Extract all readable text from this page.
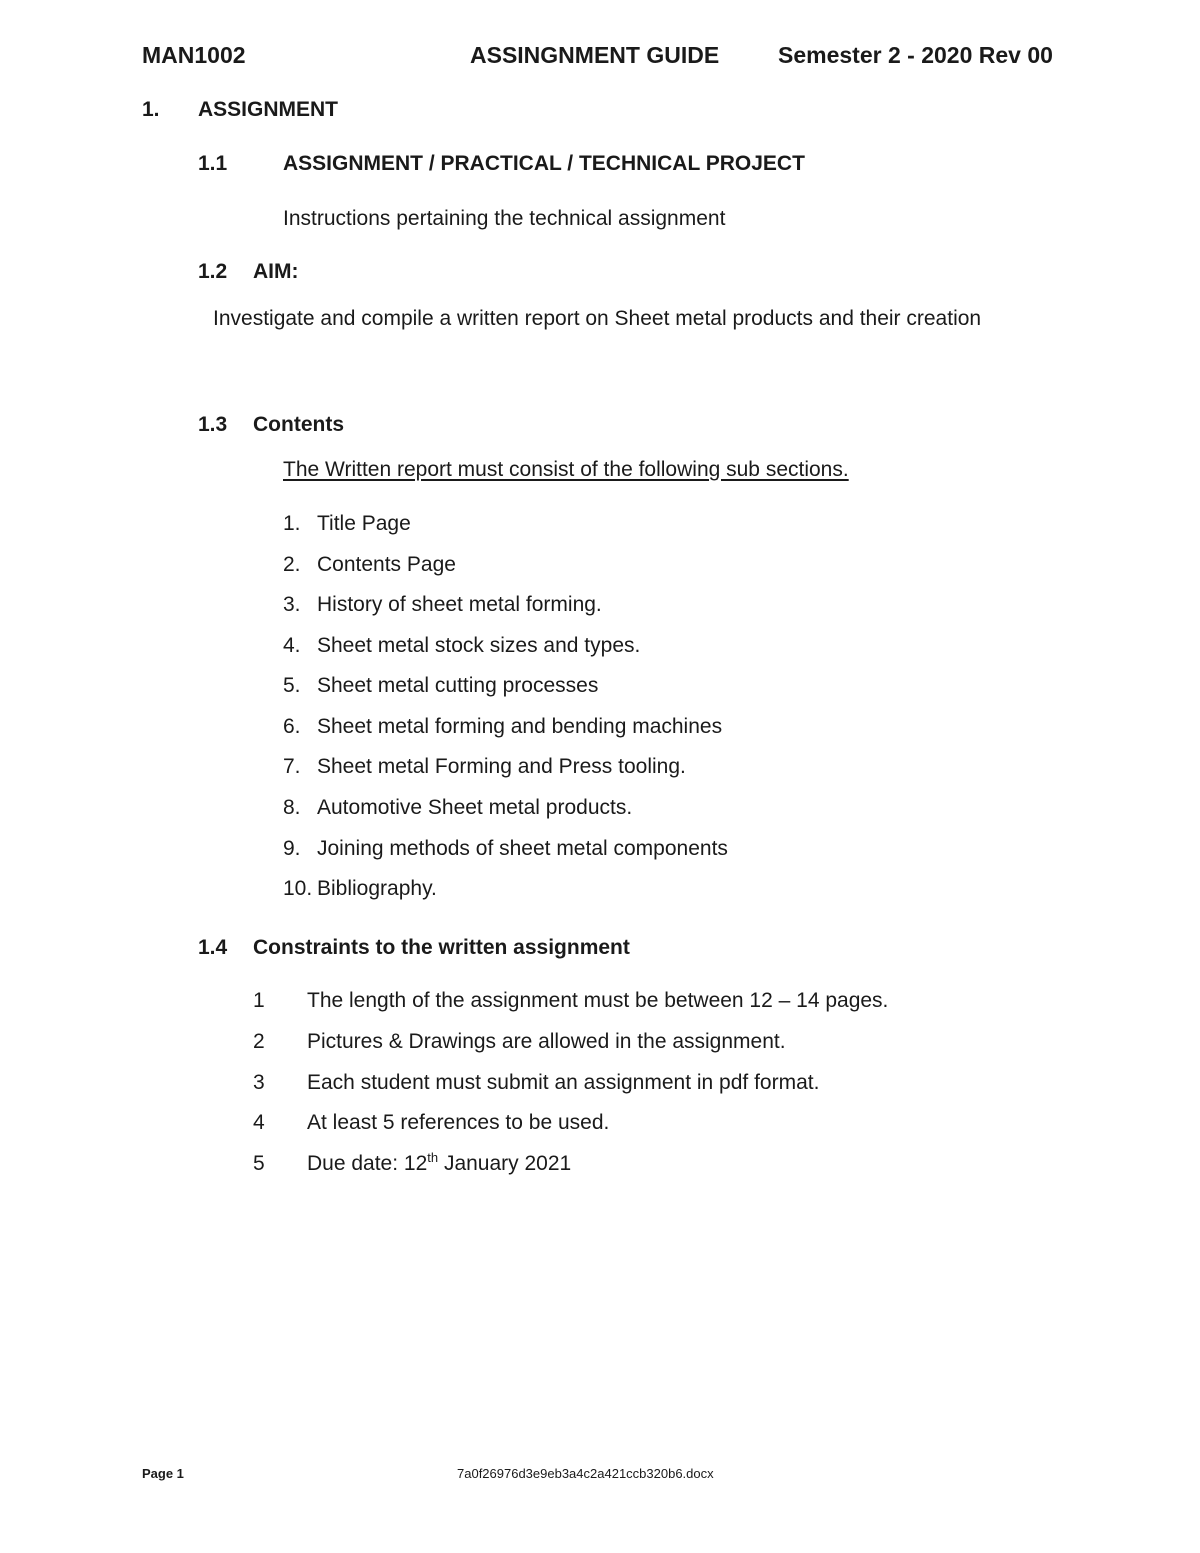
MAN1002	ASSINGNMENT GUIDE	Semester 2 - 2020 Rev 00
1. ASSIGNMENT
1.1	ASSIGNMENT / PRACTICAL / TECHNICAL PROJECT
Instructions pertaining the technical assignment
1.2 AIM:
Investigate and compile a written report on Sheet metal products and their creation
1.3 Contents
The Written report must consist of the following sub sections.
1. Title Page
2. Contents Page
3. History of sheet metal forming.
4. Sheet metal stock sizes and types.
5. Sheet metal cutting processes
6. Sheet metal forming and bending machines
7. Sheet metal Forming and Press tooling.
8. Automotive Sheet metal products.
9. Joining methods of sheet metal components
10. Bibliography.
1.4 Constraints to the written assignment
1 The length of the assignment must be between 12 – 14 pages.
2 Pictures & Drawings are allowed in the assignment.
3 Each student must submit an assignment in pdf format.
4 At least 5 references to be used.
5 Due date: 12th January 2021
Page 1	7a0f26976d3e9eb3a4c2a421ccb320b6.docx
